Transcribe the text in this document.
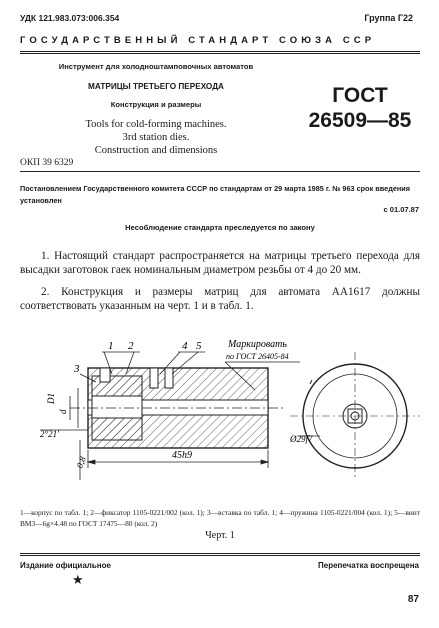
УДК 121.983.073:006.354	Группа Г22
ГОСУДАРСТВЕННЫЙ СТАНДАРТ СОЮЗА ССР
Инструмент для холодноштамповочных автоматов
МАТРИЦЫ ТРЕТЬЕГО ПЕРЕХОДА
Конструкция и размеры
Tools for cold-forming machines.
3rd station dies.
Construction and dimensions
ГОСТ
26509—85
ОКП 39 6329
Постановлением Государственного комитета СССР по стандартам от 29 марта 1985 г. № 963 срок введения установлен
с 01.07.87
Несоблюдение стандарта преследуется по закону
1. Настоящий стандарт распространяется на матрицы третьего перехода для высадки заготовок гаек номинальным диаметром резьбы от 4 до 20 мм.
2. Конструкция и размеры матриц для автомата АА1617 должны соответствовать указанным на черт. 1 и в табл. 1.
1 2	4 5
3
Маркировать
по ГОСТ 26405-84
D1
d
2°21'
0,8	45h9
Ø29f7
1—корпус по табл. 1; 2—фиксатор 1105-0221/002 (кол. 1); 3—вставка по табл. 1; 4—пружина 1105-0221/004 (кол. 1); 5—винт ВМ3—6g×4.48 по ГОСТ 17475—80 (кол. 2)
Черт. 1
Издание официальное	Перепечатка воспрещена
★
87
